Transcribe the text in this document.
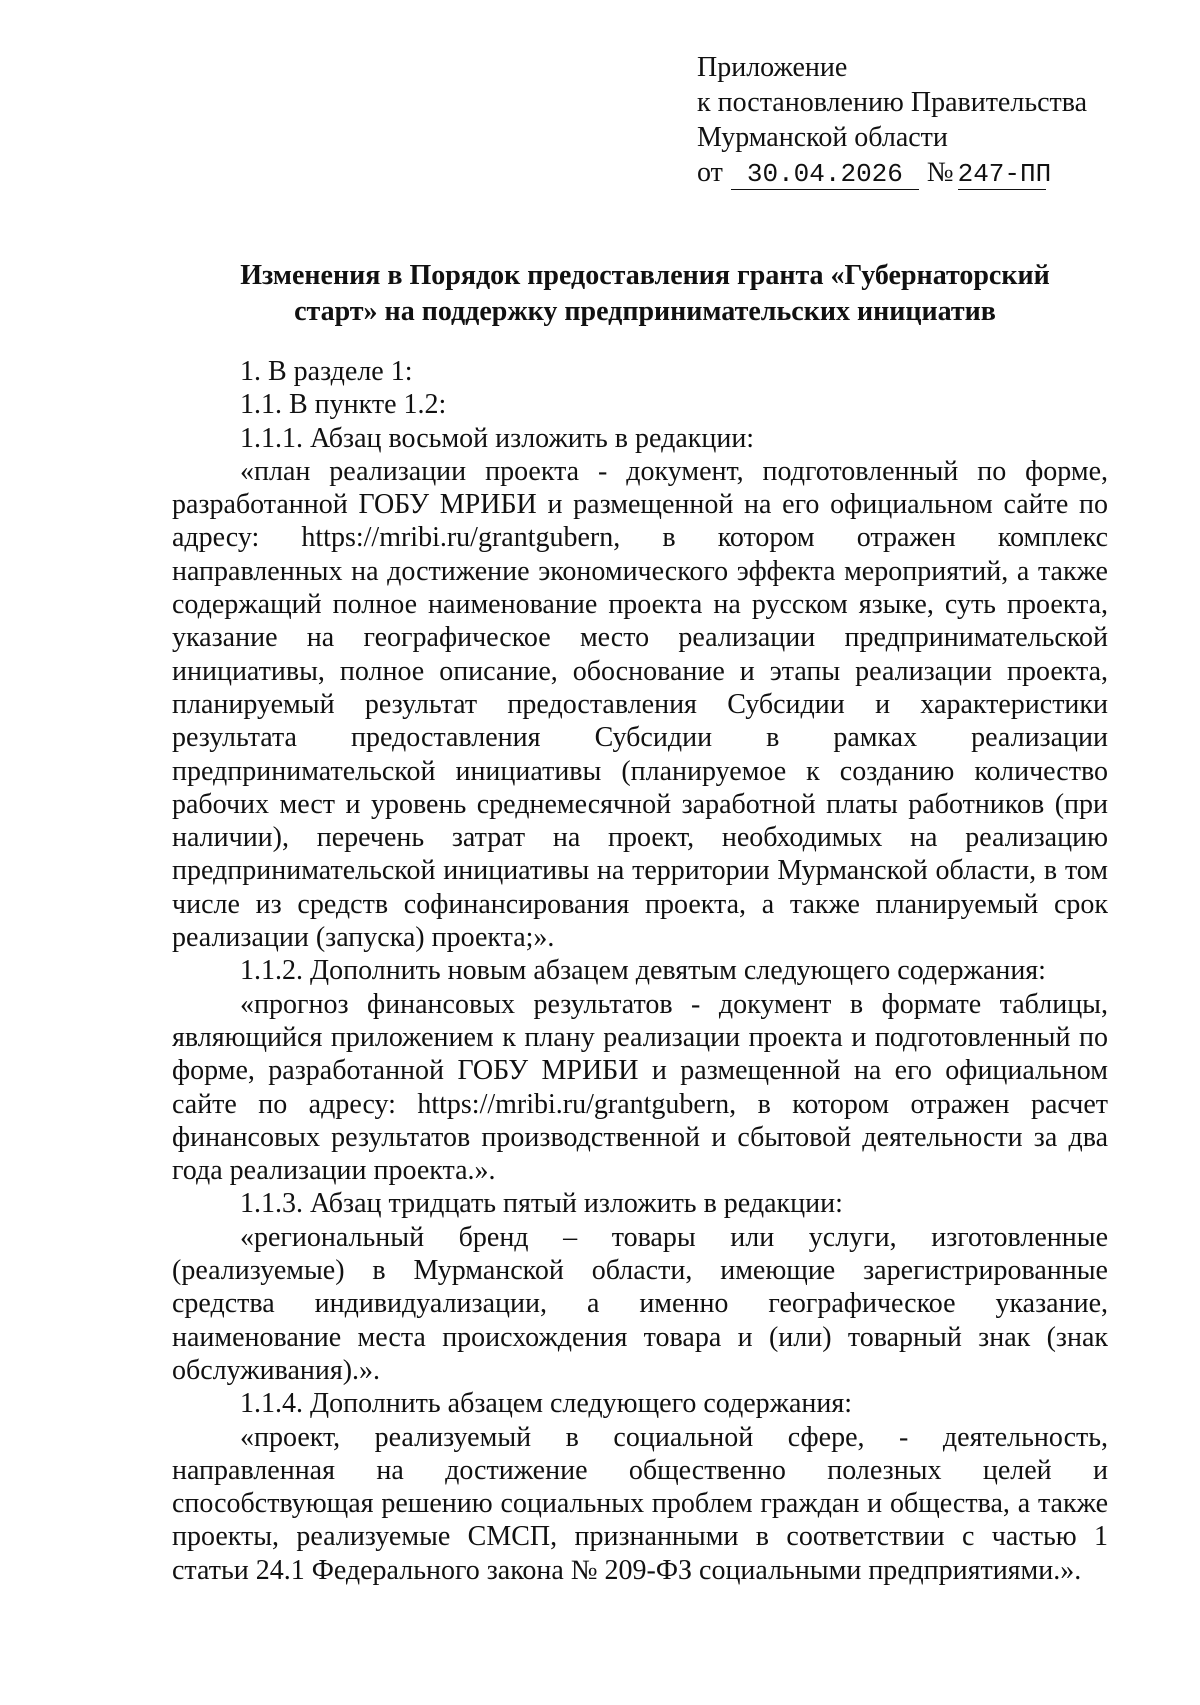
Приложение
к постановлению Правительства
Мурманской области
от 30.04.2026 № 247-ПП
Изменения в Порядок предоставления гранта «Губернаторский
старт» на поддержку предпринимательских инициатив

1. В разделе 1:

1.1. В пункте 1.2:

1.1.1. Абзац восьмой изложить в редакции:

«план реализации проекта - документ, подготовленный по форме, разработанной ГОБУ МРИБИ и размещенной на его официальном сайте по адресу: https://mribi.ru/grantgubern, в котором отражен комплекс направленных на достижение экономического эффекта мероприятий, а также содержащий полное наименование проекта на русском языке, суть проекта, указание на географическое место реализации предпринимательской инициативы, полное описание, обоснование и этапы реализации проекта, планируемый результат предоставления Субсидии и характеристики результата предоставления Субсидии в рамках реализации предпринимательской инициативы (планируемое к созданию количество рабочих мест и уровень среднемесячной заработной платы работников (при наличии), перечень затрат на проект, необходимых на реализацию предпринимательской инициативы на территории Мурманской области, в том числе из средств софинансирования проекта, а также планируемый срок реализации (запуска) проекта;».

1.1.2. Дополнить новым абзацем девятым следующего содержания:

«прогноз финансовых результатов - документ в формате таблицы, являющийся приложением к плану реализации проекта и подготовленный по форме, разработанной ГОБУ МРИБИ и размещенной на его официальном сайте по адресу: https://mribi.ru/grantgubern, в котором отражен расчет финансовых результатов производственной и сбытовой деятельности за два года реализации проекта.».

1.1.3. Абзац тридцать пятый изложить в редакции:

«региональный бренд – товары или услуги, изготовленные (реализуемые) в Мурманской области, имеющие зарегистрированные средства индивидуализации, а именно географическое указание, наименование места происхождения товара и (или) товарный знак (знак обслуживания).».

1.1.4. Дополнить абзацем следующего содержания:

«проект, реализуемый в социальной сфере, - деятельность, направленная на достижение общественно полезных целей и способствующая решению социальных проблем граждан и общества, а также проекты, реализуемые СМСП, признанными в соответствии с частью 1 статьи 24.1 Федерального закона № 209-ФЗ социальными предприятиями.».
